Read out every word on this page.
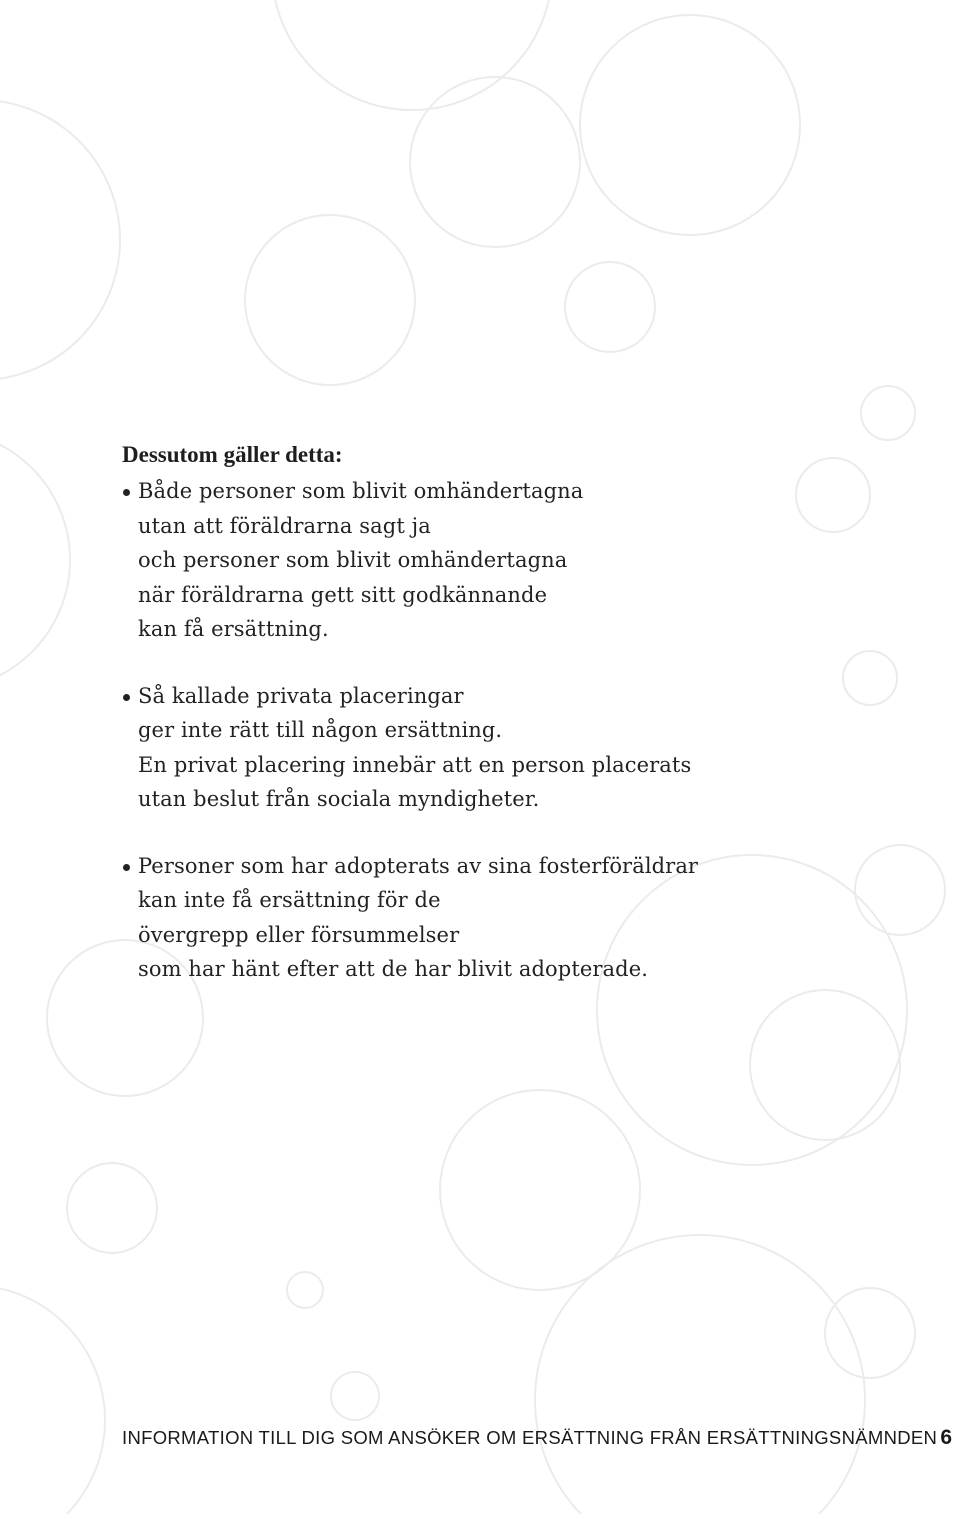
Dessutom gäller detta:
Både personer som blivit omhändertagna
utan att föräldrarna sagt ja
och personer som blivit omhändertagna
när föräldrarna gett sitt godkännande
kan få ersättning.
Så kallade privata placeringar
ger inte rätt till någon ersättning.
En privat placering innebär att en person placerats
utan beslut från sociala myndigheter.
Personer som har adopterats av sina fosterföräldrar
kan inte få ersättning för de
övergrepp eller försummelser
som har hänt efter att de har blivit adopterade.
INFORMATION TILL DIG SOM ANSÖKER OM ERSÄTTNING FRÅN ERSÄTTNINGSNÄMNDEN 6
